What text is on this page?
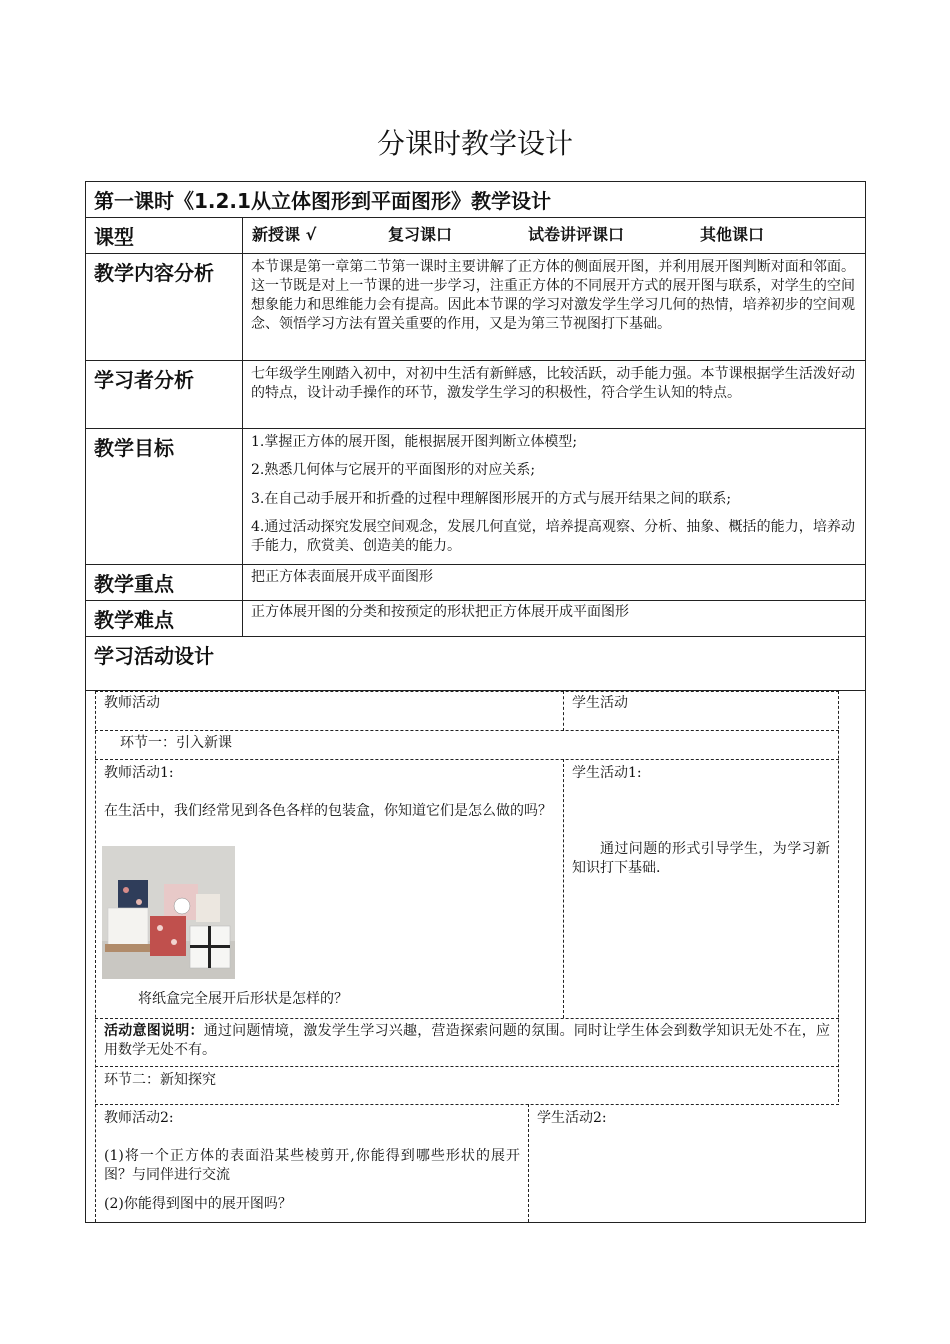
分课时教学设计
第一课时《1.2.1从立体图形到平面图形》教学设计
课型	新授课 √	复习课口	试卷讲评课口	其他课口
教学内容分析	本节课是第一章第二节第一课时主要讲解了正方体的侧面展开图，并利用展开图判断对面和邻面。这一节既是对上一节课的进一步学习，注重正方体的不同展开方式的展开图与联系，对学生的空间想象能力和思维能力会有提高。因此本节课的学习对激发学生学习几何的热情，培养初步的空间观念、领悟学习方法有置关重要的作用，又是为第三节视图打下基础。
学习者分析	七年级学生刚踏入初中，对初中生活有新鲜感，比较活跃，动手能力强。本节课根据学生活泼好动的特点，设计动手操作的环节，激发学生学习的积极性，符合学生认知的特点。
教学目标	1.掌握正方体的展开图，能根据展开图判断立体模型;
2.熟悉几何体与它展开的平面图形的对应关系;
3.在自己动手展开和折叠的过程中理解图形展开的方式与展开结果之间的联系;
4.通过活动探究发展空间观念，发展几何直觉，培养提高观察、分析、抽象、概括的能力，培养动手能力，欣赏美、创造美的能力。
教学重点	把正方体表面展开成平面图形
教学难点	正方体展开图的分类和按预定的形状把正方体展开成平面图形
学习活动设计
教师活动	学生活动
环节一：引入新课
教师活动1:
在生活中，我们经常见到各色各样的包装盒，你知道它们是怎么做的吗？
将纸盒完全展开后形状是怎样的？
学生活动1:
通过问题的形式引导学生，为学习新知识打下基础.
活动意图说明：通过问题情境，激发学生学习兴趣，营造探索问题的氛围。同时让学生体会到数学知识无处不在，应用数学无处不有。
环节二：新知探究
教师活动2:
(1)将一个正方体的表面沿某些棱剪开,你能得到哪些形状的展开图？与同伴进行交流
(2)你能得到图中的展开图吗？
学生活动2:
